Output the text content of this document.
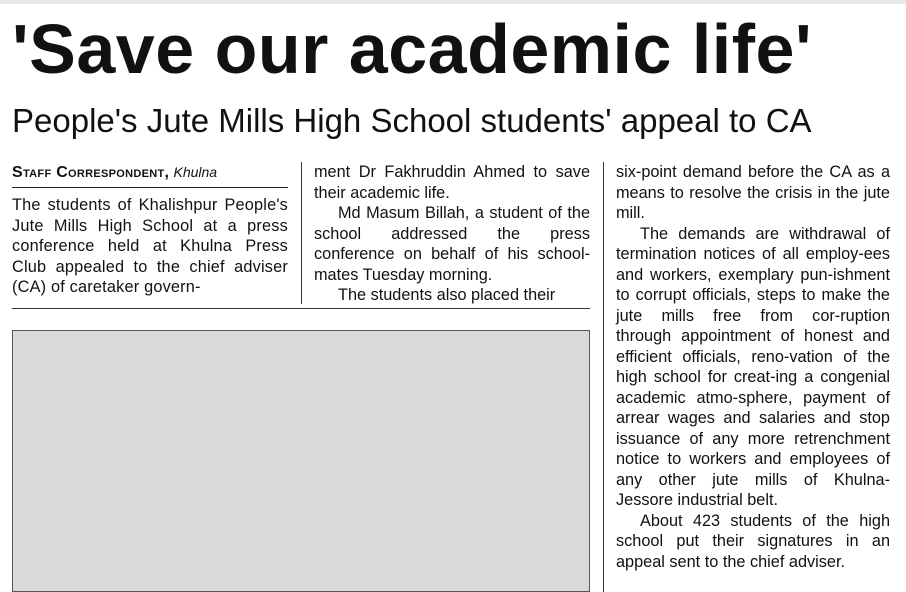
'Save our academic life'
People's Jute Mills High School students' appeal to CA
Staff Correspondent, Khulna

The students of Khalishpur People's Jute Mills High School at a press conference held at Khulna Press Club appealed to the chief adviser (CA) of caretaker govern-

ment Dr Fakhruddin Ahmed to save their academic life.

Md Masum Billah, a student of the school addressed the press conference on behalf of his school-mates Tuesday morning.

The students also placed their

six-point demand before the CA as a means to resolve the crisis in the jute mill.

The demands are withdrawal of termination notices of all employ-ees and workers, exemplary pun-ishment to corrupt officials, steps to make the jute mills free from cor-ruption through appointment of honest and efficient officials, reno-vation of the high school for creat-ing a congenial academic atmo-sphere, payment of arrear wages and salaries and stop issuance of any more retrenchment notice to workers and employees of any other jute mills of Khulna- Jessore industrial belt.

About 423 students of the high school put their signatures in an appeal sent to the chief adviser.
